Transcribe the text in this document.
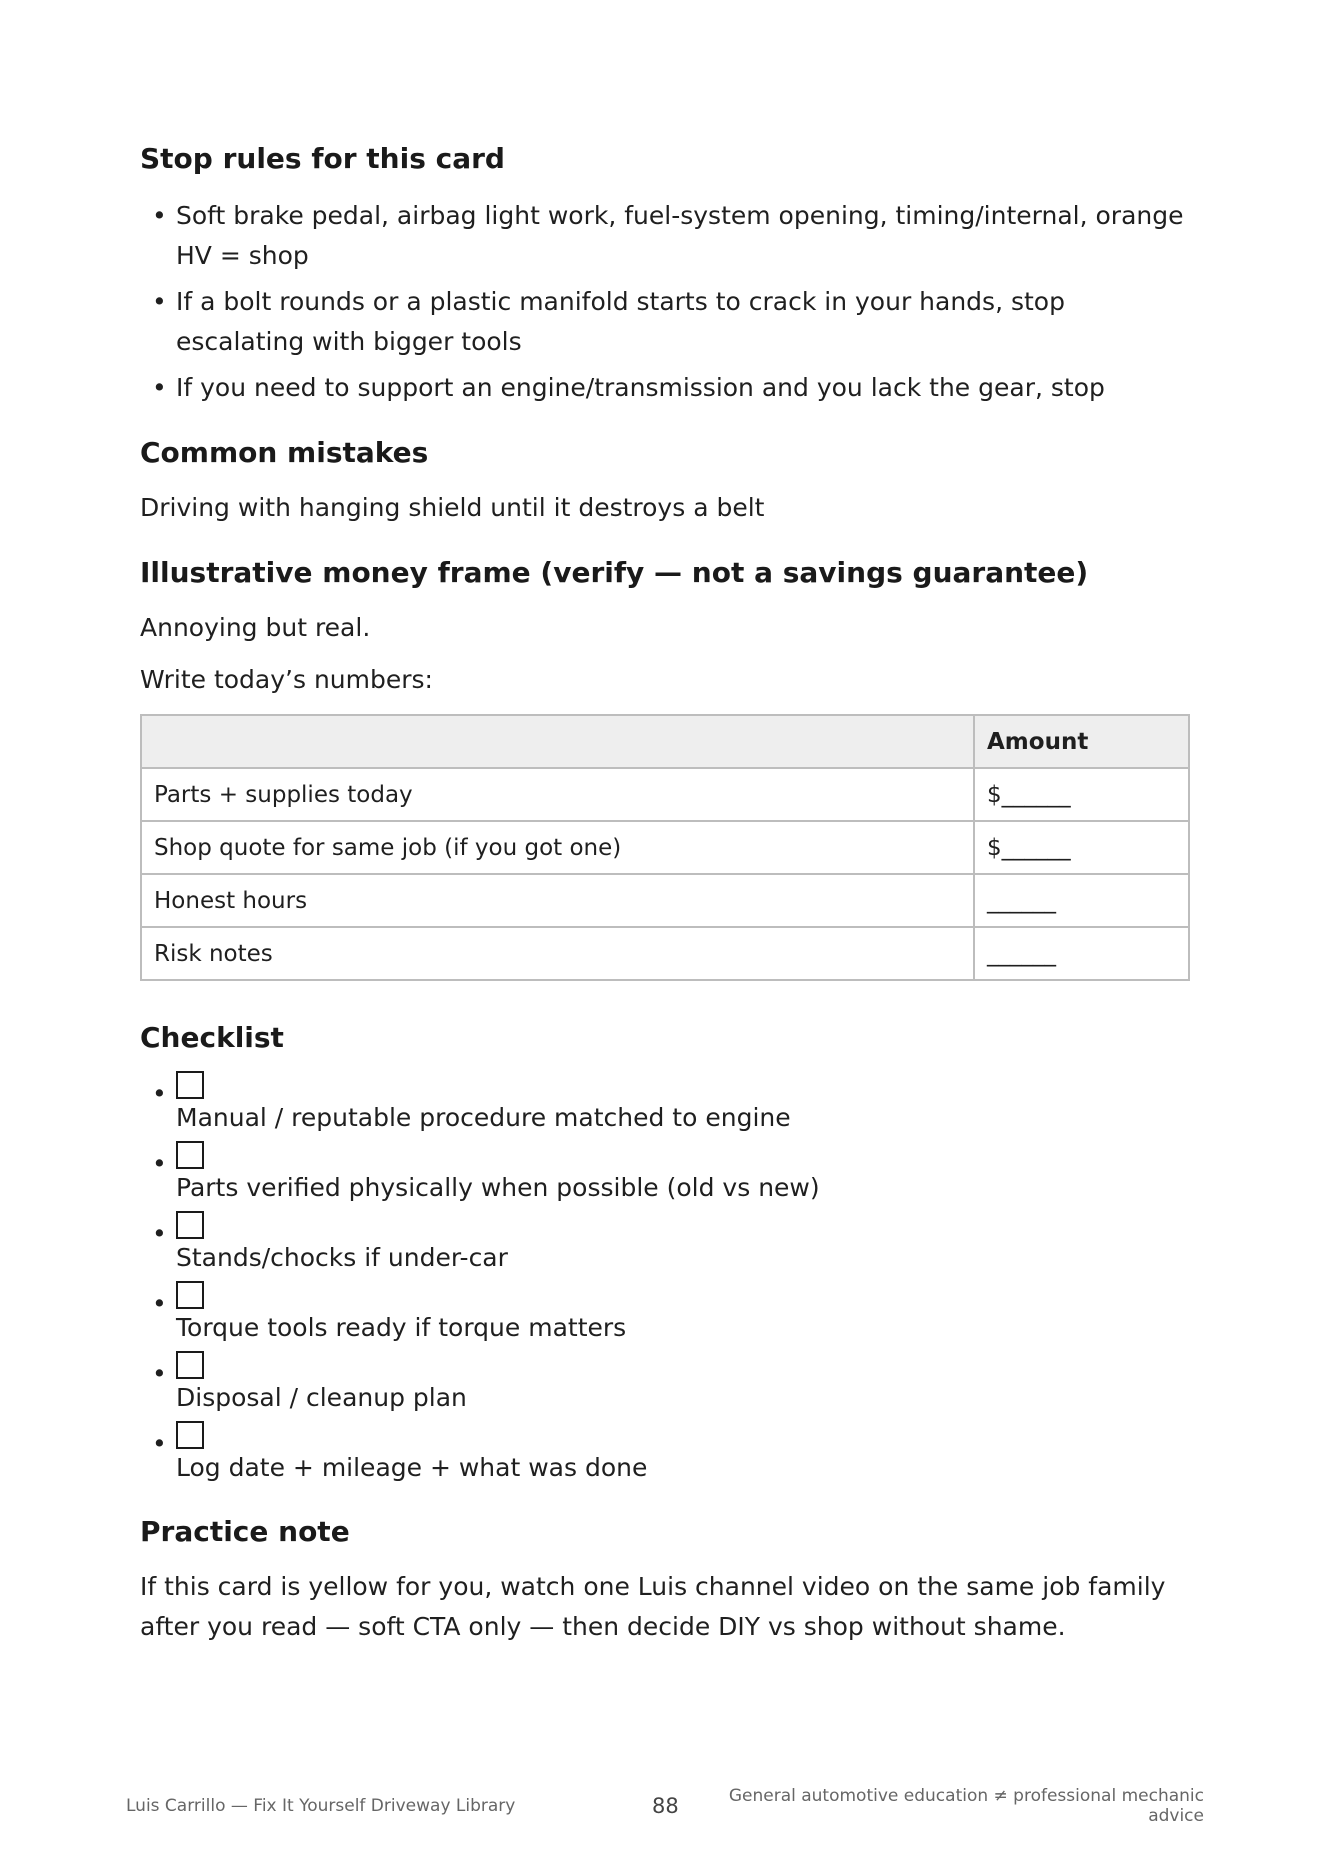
Stop rules for this card
• Soft brake pedal, airbag light work, fuel-system opening, timing/internal, orange HV = shop
• If a bolt rounds or a plastic manifold starts to crack in your hands, stop escalating with bigger tools
• If you need to support an engine/transmission and you lack the gear, stop
Common mistakes

Driving with hanging shield until it destroys a belt

Illustrative money frame (verify — not a savings guarantee)

Annoying but real.

Write today’s numbers:

	Amount
Parts + supplies today	$______
Shop quote for same job (if you got one)	$______
Honest hours	______
Risk notes	______
Checklist
• Manual / reputable procedure matched to engine
• Parts verified physically when possible (old vs new)
• Stands/chocks if under-car
• Torque tools ready if torque matters
• Disposal / cleanup plan
• Log date + mileage + what was done
Practice note

If this card is yellow for you, watch one Luis channel video on the same job family after you read — soft CTA only — then decide DIY vs shop without shame.

Luis Carrillo — Fix It Yourself Driveway Library	88	General automotive education ≠ professional mechanic
advice
